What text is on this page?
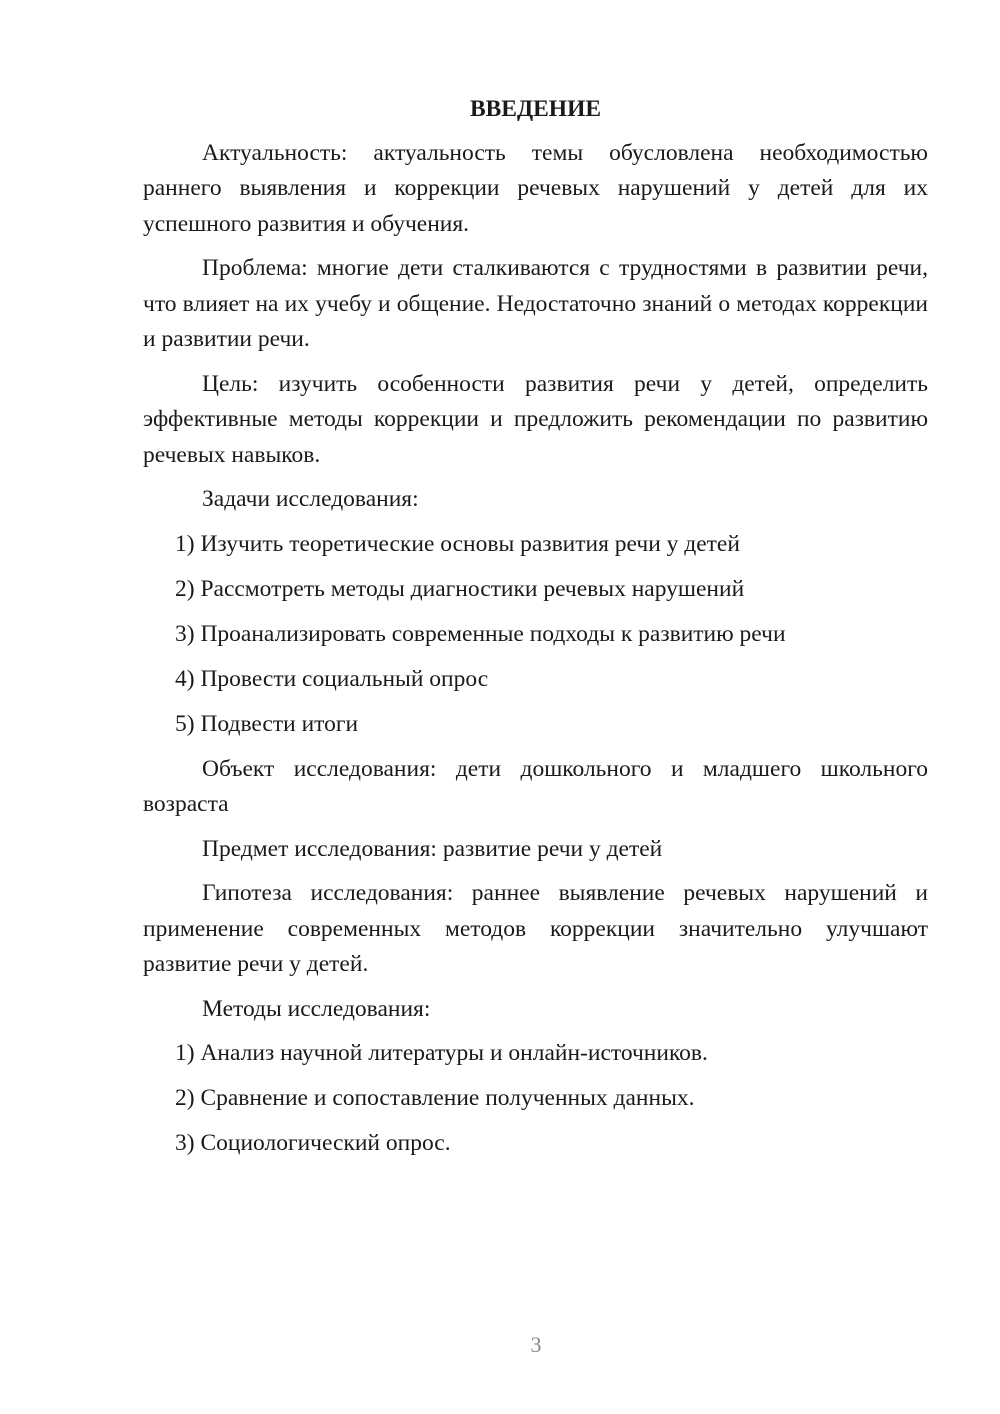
ВВЕДЕНИЕ

Актуальность: актуальность темы обусловлена необходимостью раннего выявления и коррекции речевых нарушений у детей для их успешного развития и обучения.

Проблема: многие дети сталкиваются с трудностями в развитии речи, что влияет на их учебу и общение. Недостаточно знаний о методах коррекции и развитии речи.

Цель: изучить особенности развития речи у детей, определить эффективные методы коррекции и предложить рекомендации по развитию речевых навыков.

Задачи исследования:

1) Изучить теоретические основы развития речи у детей

2) Рассмотреть методы диагностики речевых нарушений

3) Проанализировать современные подходы к развитию речи

4) Провести социальный опрос

5) Подвести итоги

Объект исследования: дети дошкольного и младшего школьного возраста

Предмет исследования: развитие речи у детей

Гипотеза исследования: раннее выявление речевых нарушений и применение современных методов коррекции значительно улучшают развитие речи у детей.

Методы исследования:

1) Анализ научной литературы и онлайн-источников.

2) Сравнение и сопоставление полученных данных.

3) Социологический опрос.

3
